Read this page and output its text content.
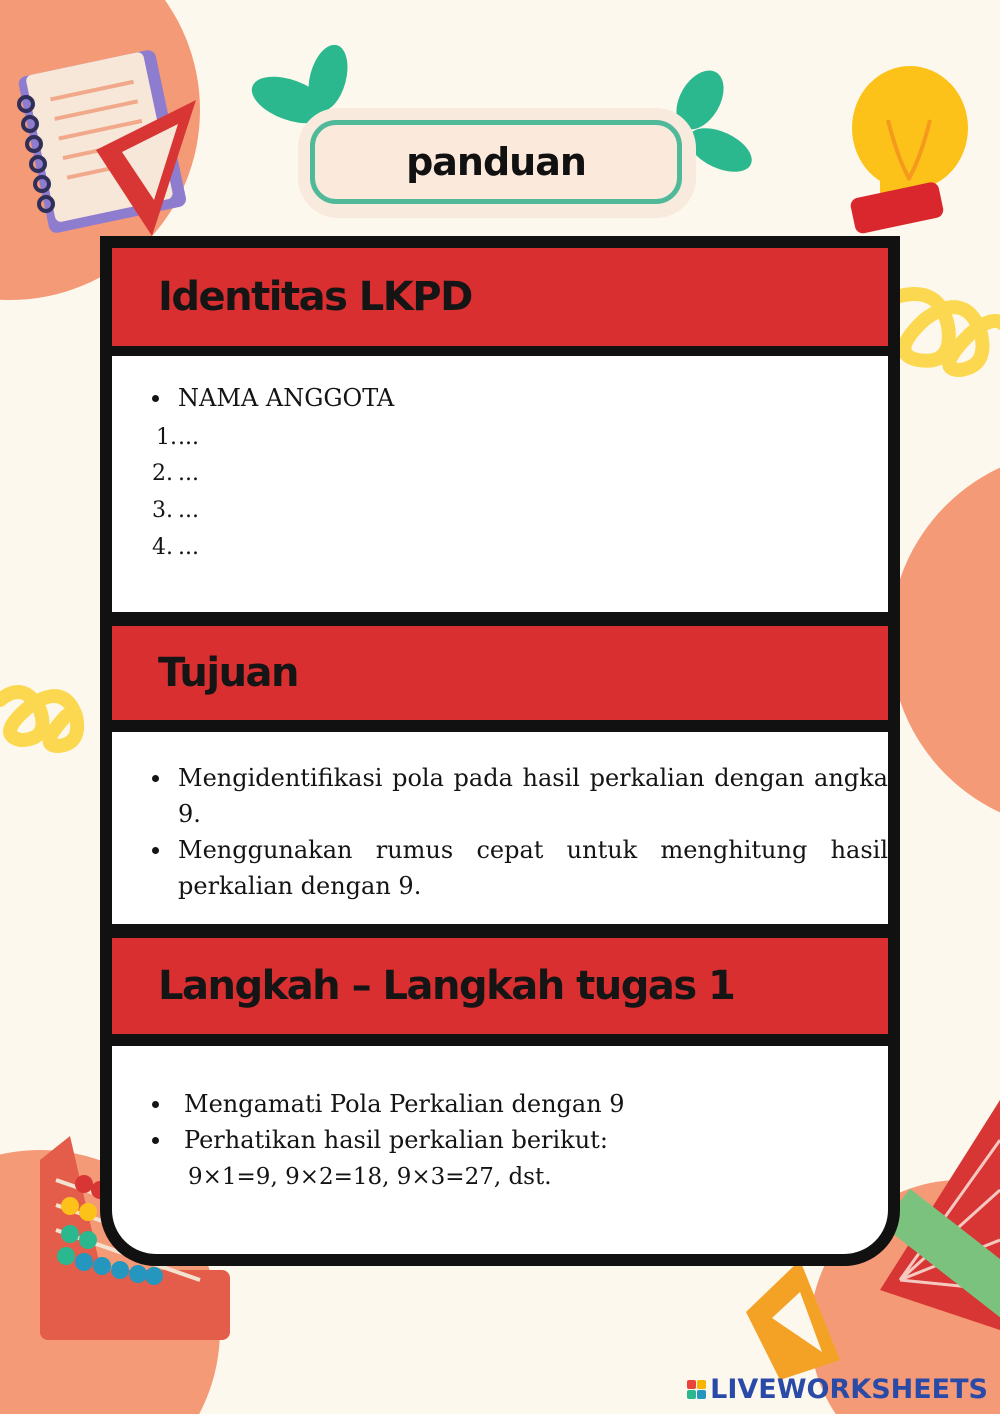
panduan
Identitas LKPD
NAMA ANGGOTA
1. ...
2. ...
3. ...
4. ...
Tujuan
Mengidentifikasi pola pada hasil perkalian dengan angka 9.
Menggunakan rumus cepat untuk menghitung hasil perkalian dengan 9.
Langkah – Langkah tugas 1
Mengamati Pola Perkalian dengan 9
Perhatikan hasil perkalian berikut:
9×1=9, 9×2=18, 9×3=27, dst.
LIVEWORKSHEETS
